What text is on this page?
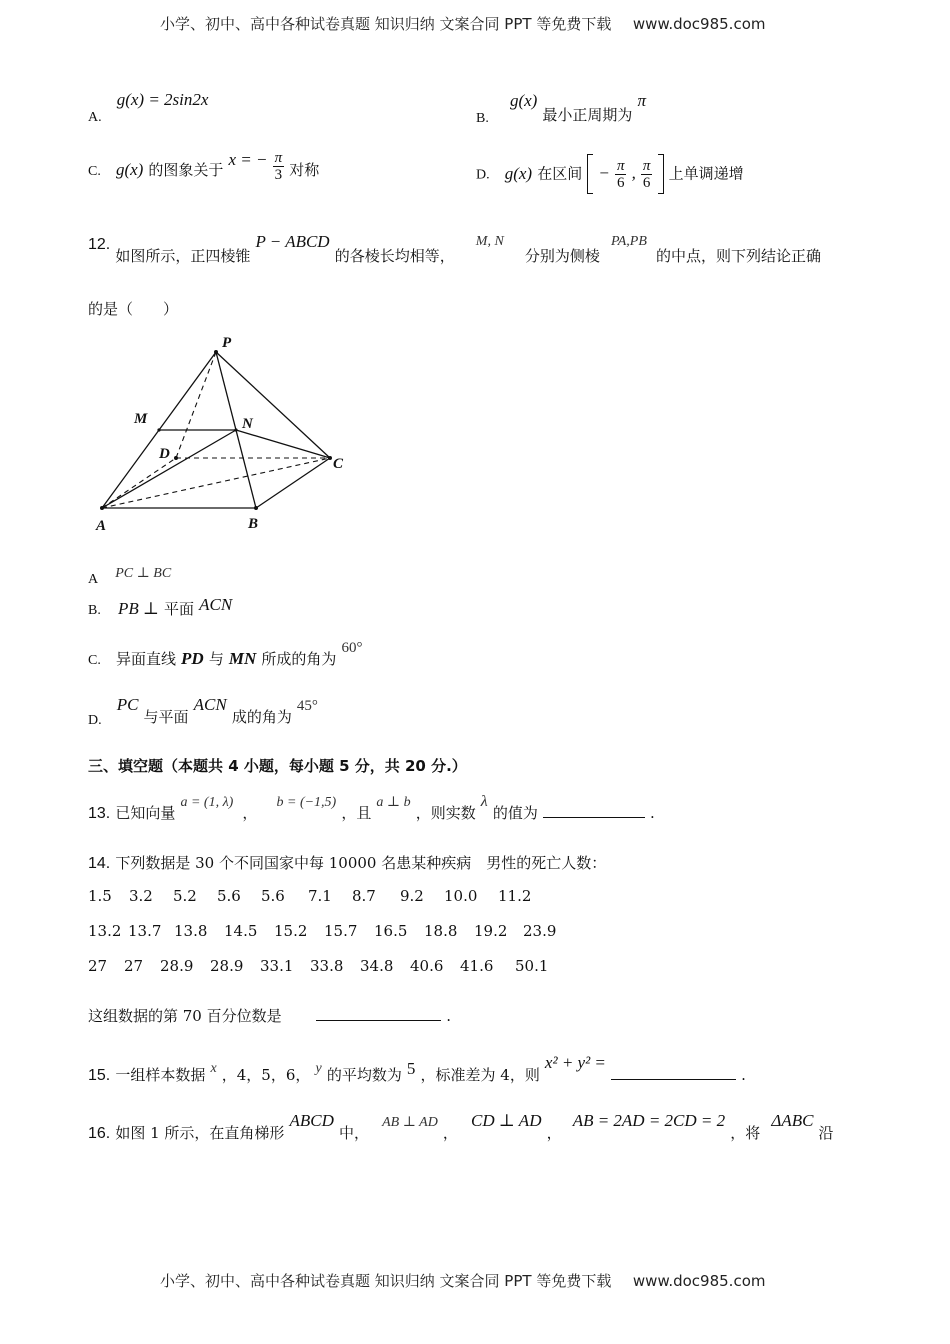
小学、初中、高中各种试卷真题 知识归纳 文案合同 PPT 等免费下载 www.doc985.com
A. g(x) = 2sin2x
B. g(x) 最小正周期为 π
C. g(x) 的图象关于 x = − $\frac{\pi}{3}$ 对称	D. g(x) 在区间 − $\frac{\pi}{6}$ , $\frac{\pi}{6}$ 上单调递增
12. 如图所示，正四棱锥 P − ABCD 的各棱长均相等， M, N 分别为侧棱 PA,PB 的中点，则下列结论正确
的是（　　）
P
M	N
D
C
A	B
A PC ⊥ BC
B. PB ⊥ 平面 ACN
C. 异面直线 PD 与 MN 所成的角为 60°
D. PC 与平面 ACN 成的角为 45°
三、填空题（本题共 4 小题，每小题 5 分，共 20 分.）
13. 已知向量 a = (1, λ) ， b = (−1,5) ，且 a ⊥ b ，则实数 λ 的值为	.
14. 下列数据是 30 个不同国家中每 10000 名患某种疾病　男性的死亡人数：
1.5 3.2 5.2 5.6 5.6 7.1 8.7 9.2 10.0 11.2
13.2 13.7 13.8 14.5 15.2 15.7 16.5 18.8 19.2 23.9
27 27 28.9 28.9 33.1 33.8 34.8 40.6 41.6 50.1
这组数据的第 70 百分位数是	.
15. 一组样本数据 x ，4，5，6， y 的平均数为 5 ，标准差为 4，则 x² + y² =  .
16. 如图 1 所示，在直角梯形 ABCD 中， AB ⊥ AD ， CD ⊥ AD ， AB = 2AD = 2CD = 2 ，将 ΔABC 沿
小学、初中、高中各种试卷真题 知识归纳 文案合同 PPT 等免费下载 www.doc985.com
